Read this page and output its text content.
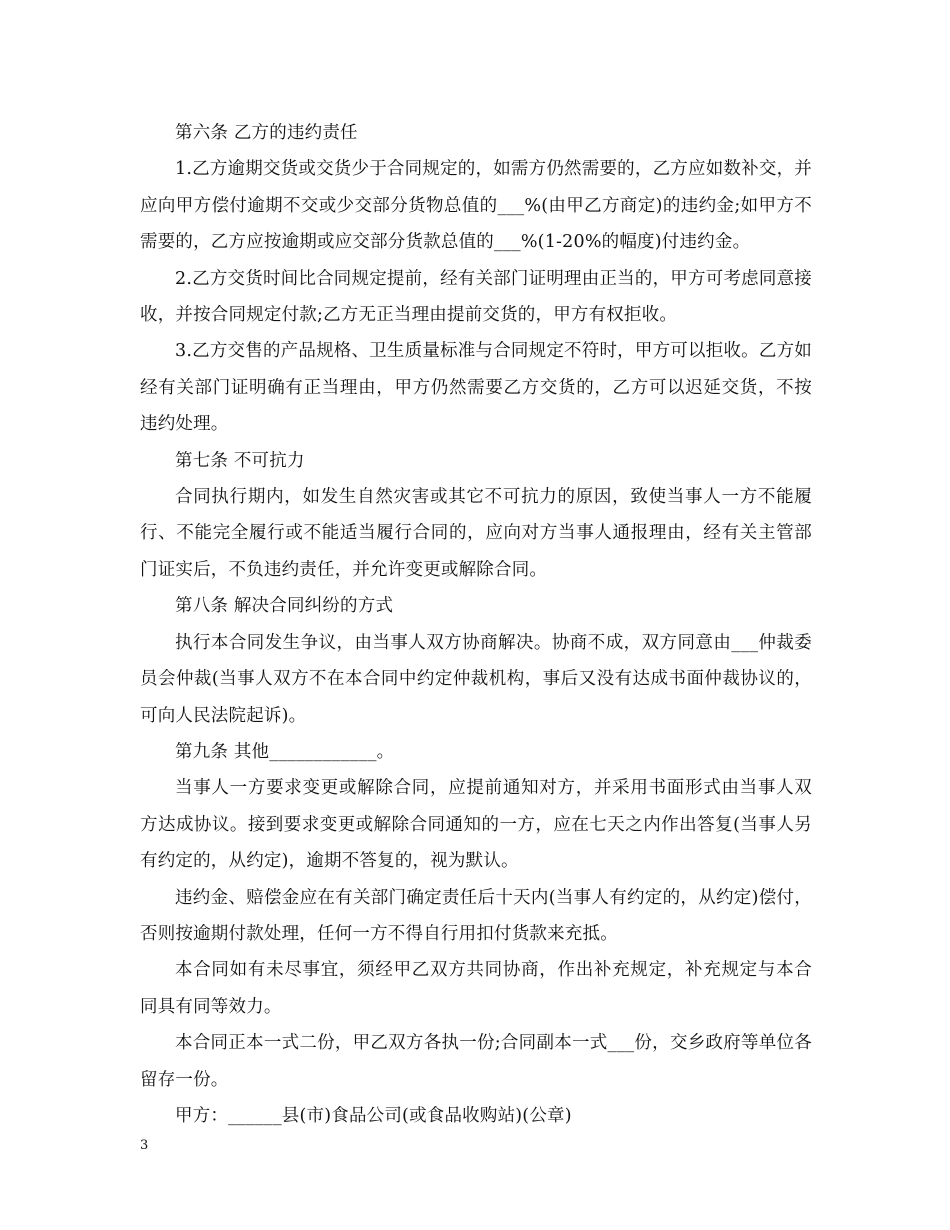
第六条 乙方的违约责任

1.乙方逾期交货或交货少于合同规定的，如需方仍然需要的，乙方应如数补交，并应向甲方偿付逾期不交或少交部分货物总值的___%(由甲乙方商定)的违约金;如甲方不需要的，乙方应按逾期或应交部分货款总值的___%(1-20%的幅度)付违约金。

2.乙方交货时间比合同规定提前，经有关部门证明理由正当的，甲方可考虑同意接收，并按合同规定付款;乙方无正当理由提前交货的，甲方有权拒收。

3.乙方交售的产品规格、卫生质量标准与合同规定不符时，甲方可以拒收。乙方如经有关部门证明确有正当理由，甲方仍然需要乙方交货的，乙方可以迟延交货，不按违约处理。

第七条 不可抗力

合同执行期内，如发生自然灾害或其它不可抗力的原因，致使当事人一方不能履行、不能完全履行或不能适当履行合同的，应向对方当事人通报理由，经有关主管部门证实后，不负违约责任，并允许变更或解除合同。

第八条 解决合同纠纷的方式

执行本合同发生争议，由当事人双方协商解决。协商不成，双方同意由___仲裁委员会仲裁(当事人双方不在本合同中约定仲裁机构，事后又没有达成书面仲裁协议的，可向人民法院起诉)。

第九条 其他____________。

当事人一方要求变更或解除合同，应提前通知对方，并采用书面形式由当事人双方达成协议。接到要求变更或解除合同通知的一方，应在七天之内作出答复(当事人另有约定的，从约定)，逾期不答复的，视为默认。

违约金、赔偿金应在有关部门确定责任后十天内(当事人有约定的，从约定)偿付，否则按逾期付款处理，任何一方不得自行用扣付货款来充抵。

本合同如有未尽事宜，须经甲乙双方共同协商，作出补充规定，补充规定与本合同具有同等效力。

本合同正本一式二份，甲乙双方各执一份;合同副本一式___份，交乡政府等单位各留存一份。

甲方：______县(市)食品公司(或食品收购站)(公章)

3
